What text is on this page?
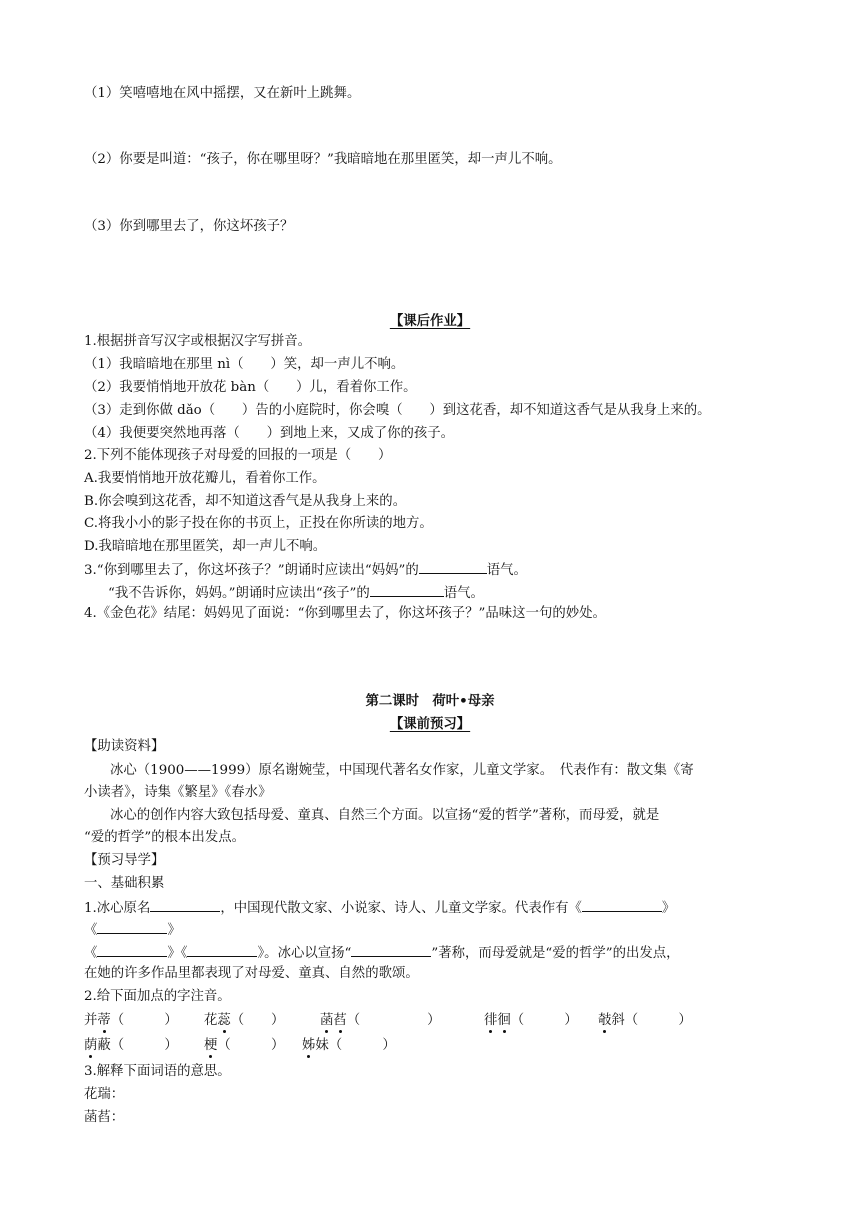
（1）笑嘻嘻地在风中摇摆，又在新叶上跳舞。
（2）你要是叫道：“孩子，你在哪里呀？”我暗暗地在那里匿笑，却一声儿不响。
（3）你到哪里去了，你这坏孩子？
【课后作业】
1.根据拼音写汉字或根据汉字写拼音。
（1）我暗暗地在那里 nì（　　）笑，却一声儿不响。
（2）我要悄悄地开放花 bàn（　　）儿，看着你工作。
（3）走到你做 dǎo（　　）告的小庭院时，你会嗅（　　）到这花香，却不知道这香气是从我身上来的。
（4）我便要突然地再落（　　）到地上来，又成了你的孩子。
2.下列不能体现孩子对母爱的回报的一项是（　　）
A.我要悄悄地开放花瓣儿，看着你工作。
B.你会嗅到这花香，却不知道这香气是从我身上来的。
C.将我小小的影子投在你的书页上，正投在你所读的地方。
D.我暗暗地在那里匿笑，却一声儿不响。
3.“你到哪里去了，你这坏孩子？”朗诵时应读出“妈妈”的	语气。
“我不告诉你，妈妈。”朗诵时应读出“孩子”的	语气。
4.《金色花》结尾：妈妈见了面说：“你到哪里去了，你这坏孩子？”品味这一句的妙处。
第二课时　荷叶•母亲
【课前预习】
【助读资料】
冰心（1900——1999）原名谢婉莹，中国现代著名女作家，儿童文学家。　代表作有：散文集《寄
小读者》，诗集《繁星》《春水》
冰心的创作内容大致包括母爱、童真、自然三个方面。以宣扬“爱的哲学”著称，而母爱，就是
“爱的哲学”的根本出发点。
【预习导学】
一、基础积累
1.冰心原名	，中国现代散文家、小说家、诗人、儿童文学家。代表作有《	》
《	》
《	》《	》。冰心以宣扬“	”著称，而母爱就是“爱的哲学”的出发点，
在她的许多作品里都表现了对母爱、童真、自然的歌颂。
2.给下面加点的字注音。
并蒂（　　　） 花蕊（　　）	菡萏（　　　　　）	徘徊（　　　） 攲斜（　　　）
荫蔽（　　　） 梗（　　　） 姊妹（　　　）
3.解释下面词语的意思。
花瑞：
菡萏：
